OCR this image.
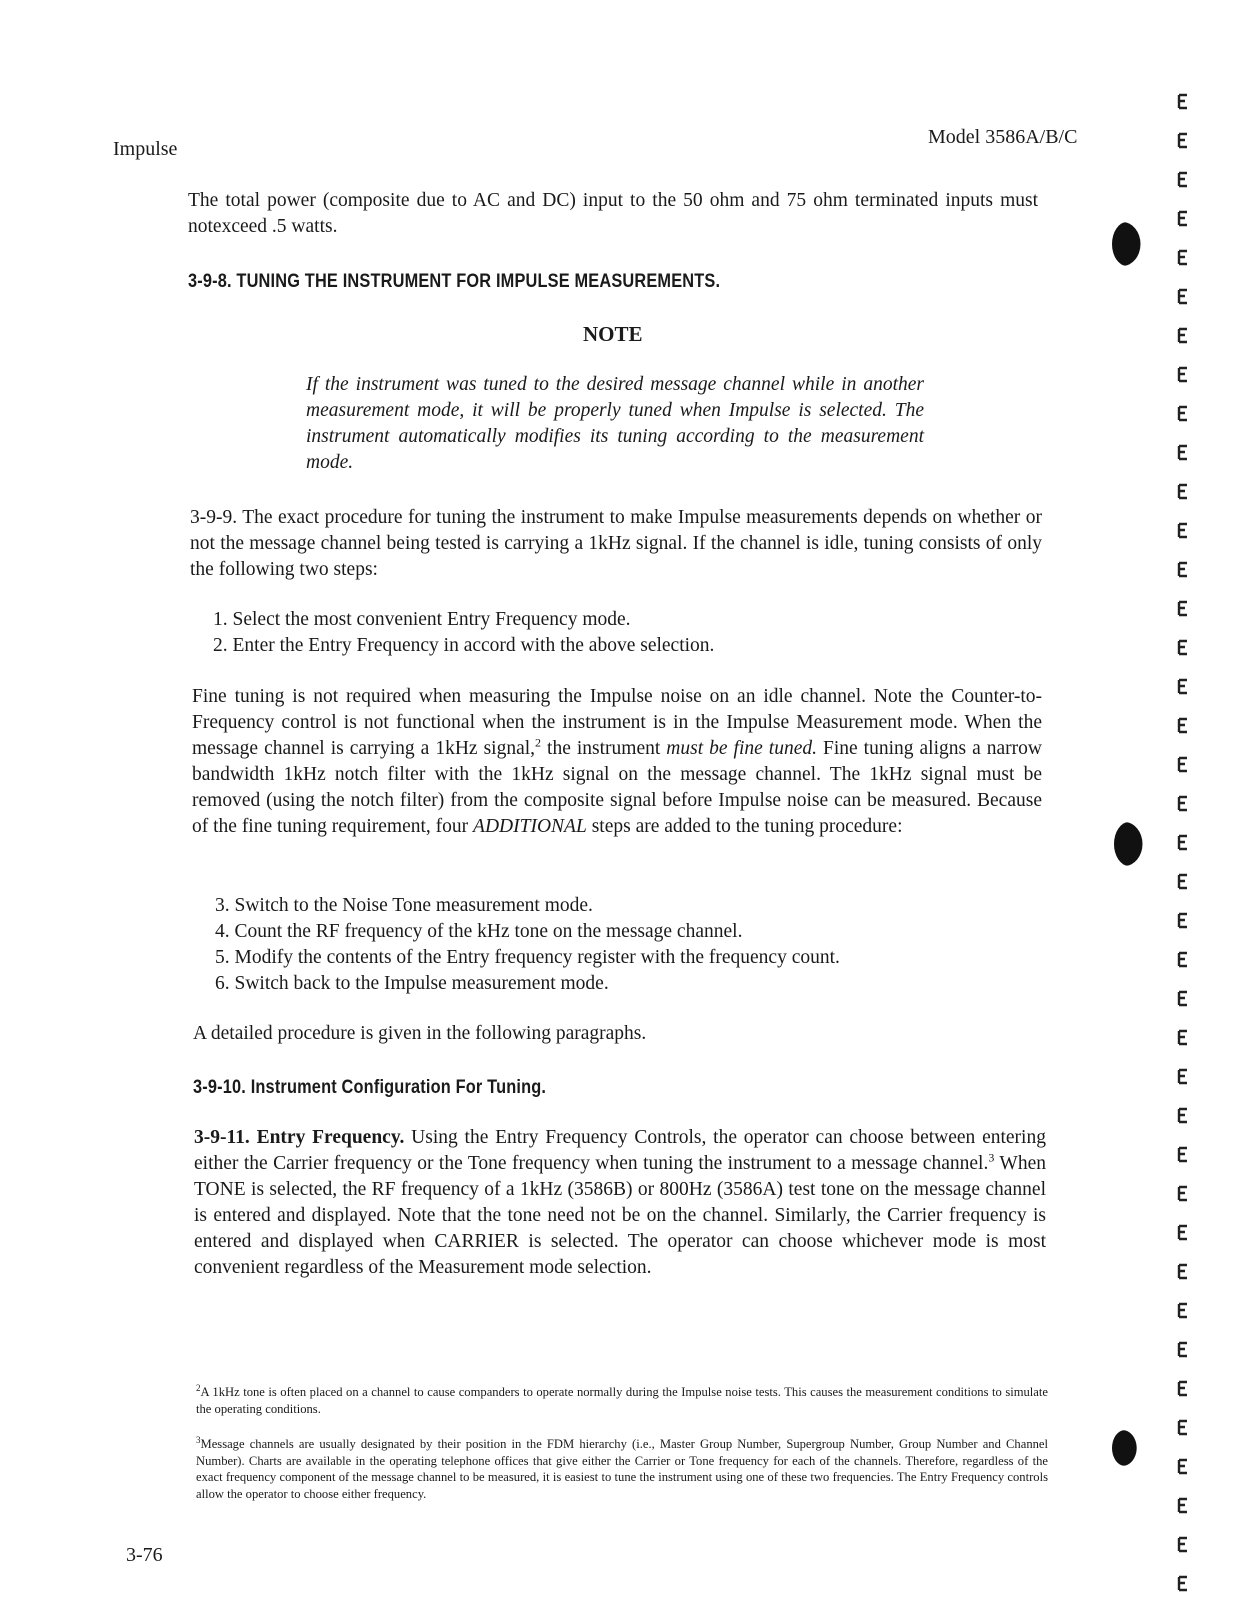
Impulse
Model 3586A/B/C
The total power (composite due to AC and DC) input to the 50 ohm and 75 ohm terminated inputs must notexceed .5 watts.
3-9-8. TUNING THE INSTRUMENT FOR IMPULSE MEASUREMENTS.
NOTE
If the instrument was tuned to the desired message channel while in another measurement mode, it will be properly tuned when Impulse is selected. The instrument automatically modifies its tuning according to the measurement mode.
3-9-9. The exact procedure for tuning the instrument to make Impulse measurements depends on whether or not the message channel being tested is carrying a 1kHz signal. If the channel is idle, tuning consists of only the following two steps:
1. Select the most convenient Entry Frequency mode.
2. Enter the Entry Frequency in accord with the above selection.
Fine tuning is not required when measuring the Impulse noise on an idle channel. Note the Counter-to-Frequency control is not functional when the instrument is in the Impulse Measurement mode. When the message channel is carrying a 1kHz signal,$^2$ the instrument must be fine tuned. Fine tuning aligns a narrow bandwidth 1kHz notch filter with the 1kHz signal on the message channel. The 1kHz signal must be removed (using the notch filter) from the composite signal before Impulse noise can be measured. Because of the fine tuning requirement, four ADDITIONAL steps are added to the tuning procedure:
3. Switch to the Noise Tone measurement mode.
4. Count the RF frequency of the kHz tone on the message channel.
5. Modify the contents of the Entry frequency register with the frequency count.
6. Switch back to the Impulse measurement mode.
A detailed procedure is given in the following paragraphs.
3-9-10. Instrument Configuration For Tuning.
3-9-11. Entry Frequency. Using the Entry Frequency Controls, the operator can choose between entering either the Carrier frequency or the Tone frequency when tuning the instrument to a message channel.$^3$ When TONE is selected, the RF frequency of a 1kHz (3586B) or 800Hz (3586A) test tone on the message channel is entered and displayed. Note that the tone need not be on the channel. Similarly, the Carrier frequency is entered and displayed when CARRIER is selected. The operator can choose whichever mode is most convenient regardless of the Measurement mode selection.
$^2$A 1kHz tone is often placed on a channel to cause companders to operate normally during the Impulse noise tests. This causes the measurement conditions to simulate the operating conditions.
$^3$Message channels are usually designated by their position in the FDM hierarchy (i.e., Master Group Number, Supergroup Number, Group Number and Channel Number). Charts are available in the operating telephone offices that give either the Carrier or Tone frequency for each of the channels. Therefore, regardless of the exact frequency component of the message channel to be measured, it is easiest to tune the instrument using one of these two frequencies. The Entry Frequency controls allow the operator to choose either frequency.
3-76
